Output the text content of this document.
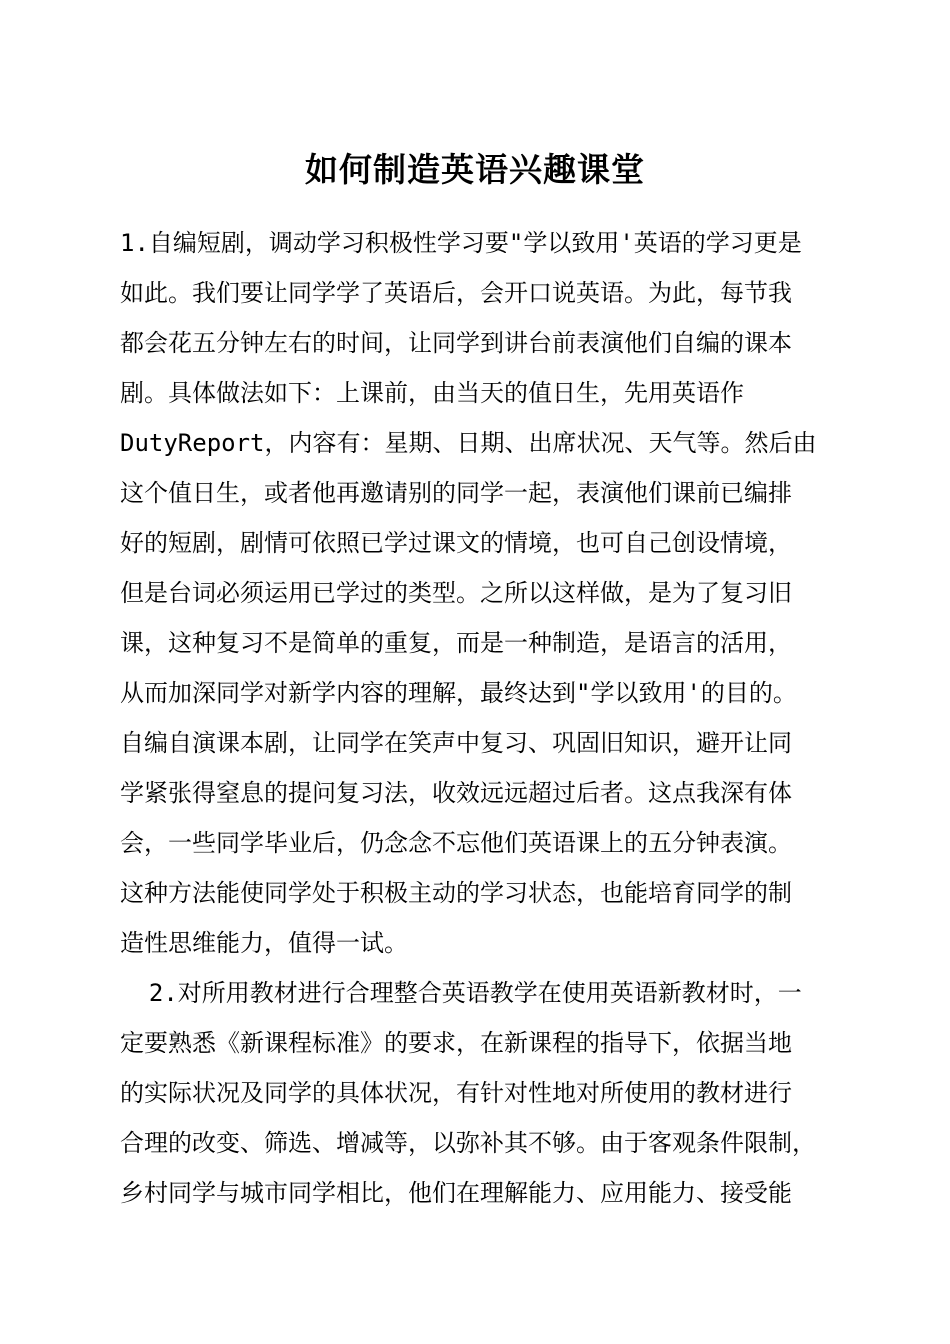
如何制造英语兴趣课堂
1.自编短剧，调动学习积极性学习要"学以致用'英语的学习更是
如此。我们要让同学学了英语后，会开口说英语。为此，每节我
都会花五分钟左右的时间，让同学到讲台前表演他们自编的课本
剧。具体做法如下：上课前，由当天的值日生，先用英语作
DutyReport，内容有：星期、日期、出席状况、天气等。然后由
这个值日生，或者他再邀请别的同学一起，表演他们课前已编排
好的短剧，剧情可依照已学过课文的情境，也可自己创设情境，
但是台词必须运用已学过的类型。之所以这样做，是为了复习旧
课，这种复习不是简单的重复，而是一种制造，是语言的活用，
从而加深同学对新学内容的理解，最终达到"学以致用'的目的。
自编自演课本剧，让同学在笑声中复习、巩固旧知识，避开让同
学紧张得窒息的提问复习法，收效远远超过后者。这点我深有体
会，一些同学毕业后，仍念念不忘他们英语课上的五分钟表演。
这种方法能使同学处于积极主动的学习状态，也能培育同学的制
造性思维能力，值得一试。
2.对所用教材进行合理整合英语教学在使用英语新教材时，一
定要熟悉《新课程标准》的要求，在新课程的指导下，依据当地
的实际状况及同学的具体状况，有针对性地对所使用的教材进行
合理的改变、筛选、增减等，以弥补其不够。由于客观条件限制，
乡村同学与城市同学相比，他们在理解能力、应用能力、接受能
